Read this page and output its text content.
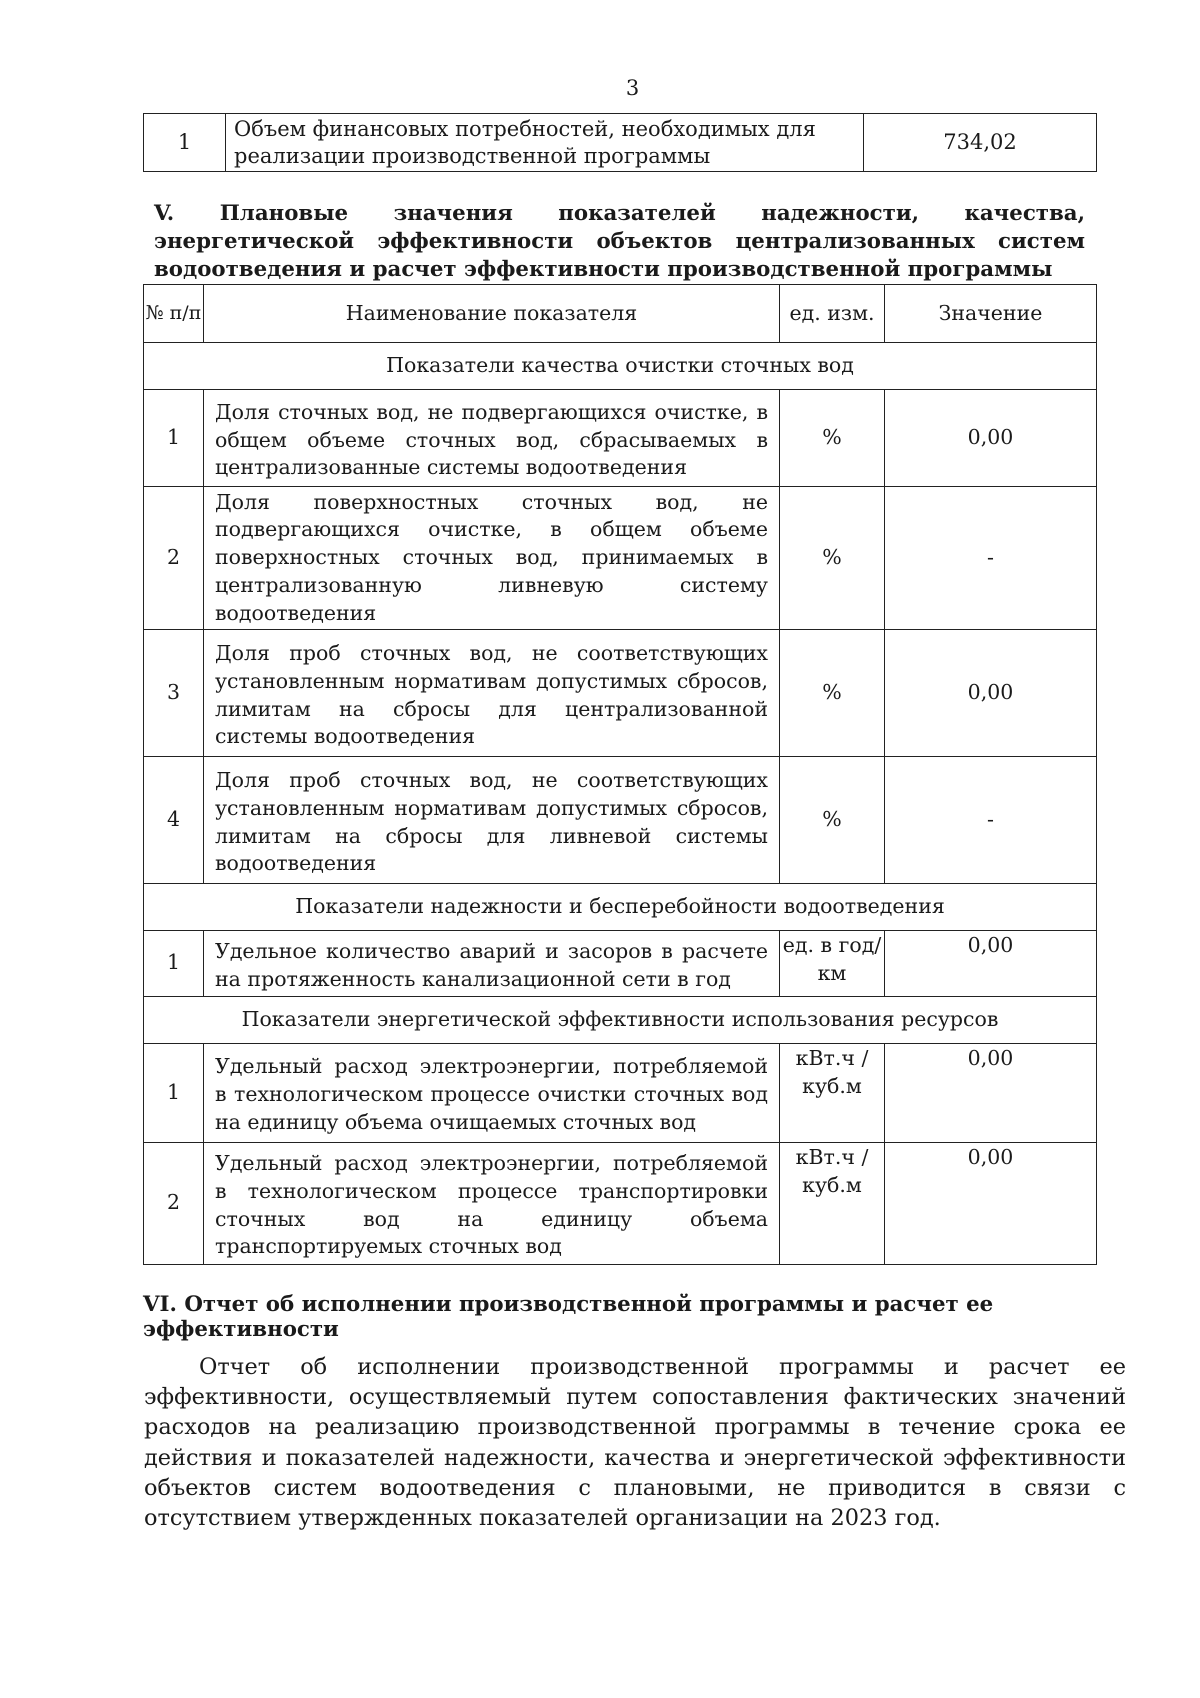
3
1	Объем финансовых потребностей, необходимых для реализации производственной программы	734,02
V. Плановые значения показателей надежности, качества, энергетической эффективности объектов централизованных систем водоотведения и расчет эффективности производственной программы
№ п/п	Наименование показателя	ед. изм.	Значение
Показатели качества очистки сточных вод			
1	Доля сточных вод, не подвергающихся очистке, в общем объеме сточных вод, сбрасываемых в централизованные системы водоотведения	%	0,00
2	Доля поверхностных сточных вод, не подвергающихся очистке, в общем объеме поверхностных сточных вод, принимаемых в централизованную ливневую систему водоотведения	%	-
3	Доля проб сточных вод, не соответствующих установленным нормативам допустимых сбросов, лимитам на сбросы для централизованной системы водоотведения	%	0,00
4	Доля проб сточных вод, не соответствующих установленным нормативам допустимых сбросов, лимитам на сбросы для ливневой системы водоотведения	%	-
Показатели надежности и бесперебойности водоотведения			
1	Удельное количество аварий и засоров в расчете на протяженность канализационной сети в год	ед. в год/ км	0,00
Показатели энергетической эффективности использования ресурсов			
1	Удельный расход электроэнергии, потребляемой в технологическом процессе очистки сточных вод на единицу объема очищаемых сточных вод	кВт.ч / куб.м	0,00
2	Удельный расход электроэнергии, потребляемой в технологическом процессе транспортировки сточных вод на единицу объема транспортируемых сточных вод	кВт.ч / куб.м	0,00
VI. Отчет об исполнении производственной программы и расчет ее эффективности
Отчет об исполнении производственной программы и расчет ее эффективности, осуществляемый путем сопоставления фактических значений расходов на реализацию производственной программы в течение срока ее действия и показателей надежности, качества и энергетической эффективности объектов систем водоотведения с плановыми, не приводится в связи с отсутствием утвержденных показателей организации на 2023 год.
